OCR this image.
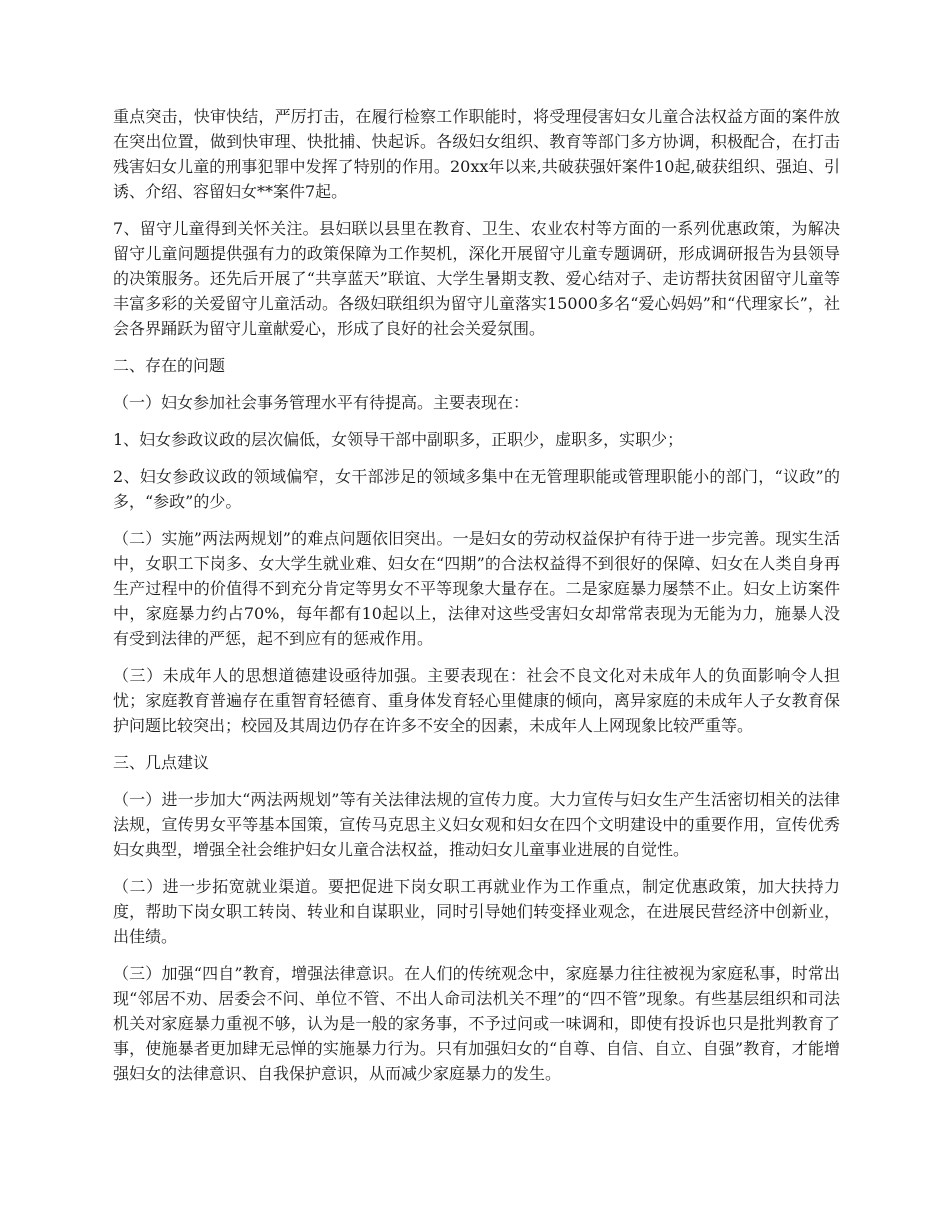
重点突击，快审快结，严厉打击，在履行检察工作职能时，将受理侵害妇女儿童合法权益方面的案件放在突出位置，做到快审理、快批捕、快起诉。各级妇女组织、教育等部门多方协调，积极配合，在打击残害妇女儿童的刑事犯罪中发挥了特别的作用。20xx年以来,共破获强奸案件10起,破获组织、强迫、引诱、介绍、容留妇女**案件7起。

7、留守儿童得到关怀关注。县妇联以县里在教育、卫生、农业农村等方面的一系列优惠政策，为解决留守儿童问题提供强有力的政策保障为工作契机，深化开展留守儿童专题调研，形成调研报告为县领导的决策服务。还先后开展了“共享蓝天”联谊、大学生暑期支教、爱心结对子、走访帮扶贫困留守儿童等丰富多彩的关爱留守儿童活动。各级妇联组织为留守儿童落实15000多名“爱心妈妈”和“代理家长”，社会各界踊跃为留守儿童献爱心，形成了良好的社会关爱氛围。

二、存在的问题

（一）妇女参加社会事务管理水平有待提高。主要表现在：

1、妇女参政议政的层次偏低，女领导干部中副职多，正职少，虚职多，实职少；

2、妇女参政议政的领域偏窄，女干部涉足的领域多集中在无管理职能或管理职能小的部门，“议政”的多，“参政”的少。

（二）实施”两法两规划”的难点问题依旧突出。一是妇女的劳动权益保护有待于进一步完善。现实生活中，女职工下岗多、女大学生就业难、妇女在“四期”的合法权益得不到很好的保障、妇女在人类自身再生产过程中的价值得不到充分肯定等男女不平等现象大量存在。二是家庭暴力屡禁不止。妇女上访案件中，家庭暴力约占70%，每年都有10起以上，法律对这些受害妇女却常常表现为无能为力，施暴人没有受到法律的严惩，起不到应有的惩戒作用。

（三）未成年人的思想道德建设亟待加强。主要表现在：社会不良文化对未成年人的负面影响令人担忧；家庭教育普遍存在重智育轻德育、重身体发育轻心里健康的倾向，离异家庭的未成年人子女教育保护问题比较突出；校园及其周边仍存在许多不安全的因素，未成年人上网现象比较严重等。

三、几点建议

（一）进一步加大“两法两规划”等有关法律法规的宣传力度。大力宣传与妇女生产生活密切相关的法律法规，宣传男女平等基本国策，宣传马克思主义妇女观和妇女在四个文明建设中的重要作用，宣传优秀妇女典型，增强全社会维护妇女儿童合法权益，推动妇女儿童事业进展的自觉性。

（二）进一步拓宽就业渠道。要把促进下岗女职工再就业作为工作重点，制定优惠政策，加大扶持力度，帮助下岗女职工转岗、转业和自谋职业，同时引导她们转变择业观念，在进展民营经济中创新业，出佳绩。

（三）加强“四自”教育，增强法律意识。在人们的传统观念中，家庭暴力往往被视为家庭私事，时常出现“邻居不劝、居委会不问、单位不管、不出人命司法机关不理”的“四不管”现象。有些基层组织和司法机关对家庭暴力重视不够，认为是一般的家务事，不予过问或一味调和，即使有投诉也只是批判教育了事，使施暴者更加肆无忌惮的实施暴力行为。只有加强妇女的“自尊、自信、自立、自强”教育，才能增强妇女的法律意识、自我保护意识，从而减少家庭暴力的发生。
